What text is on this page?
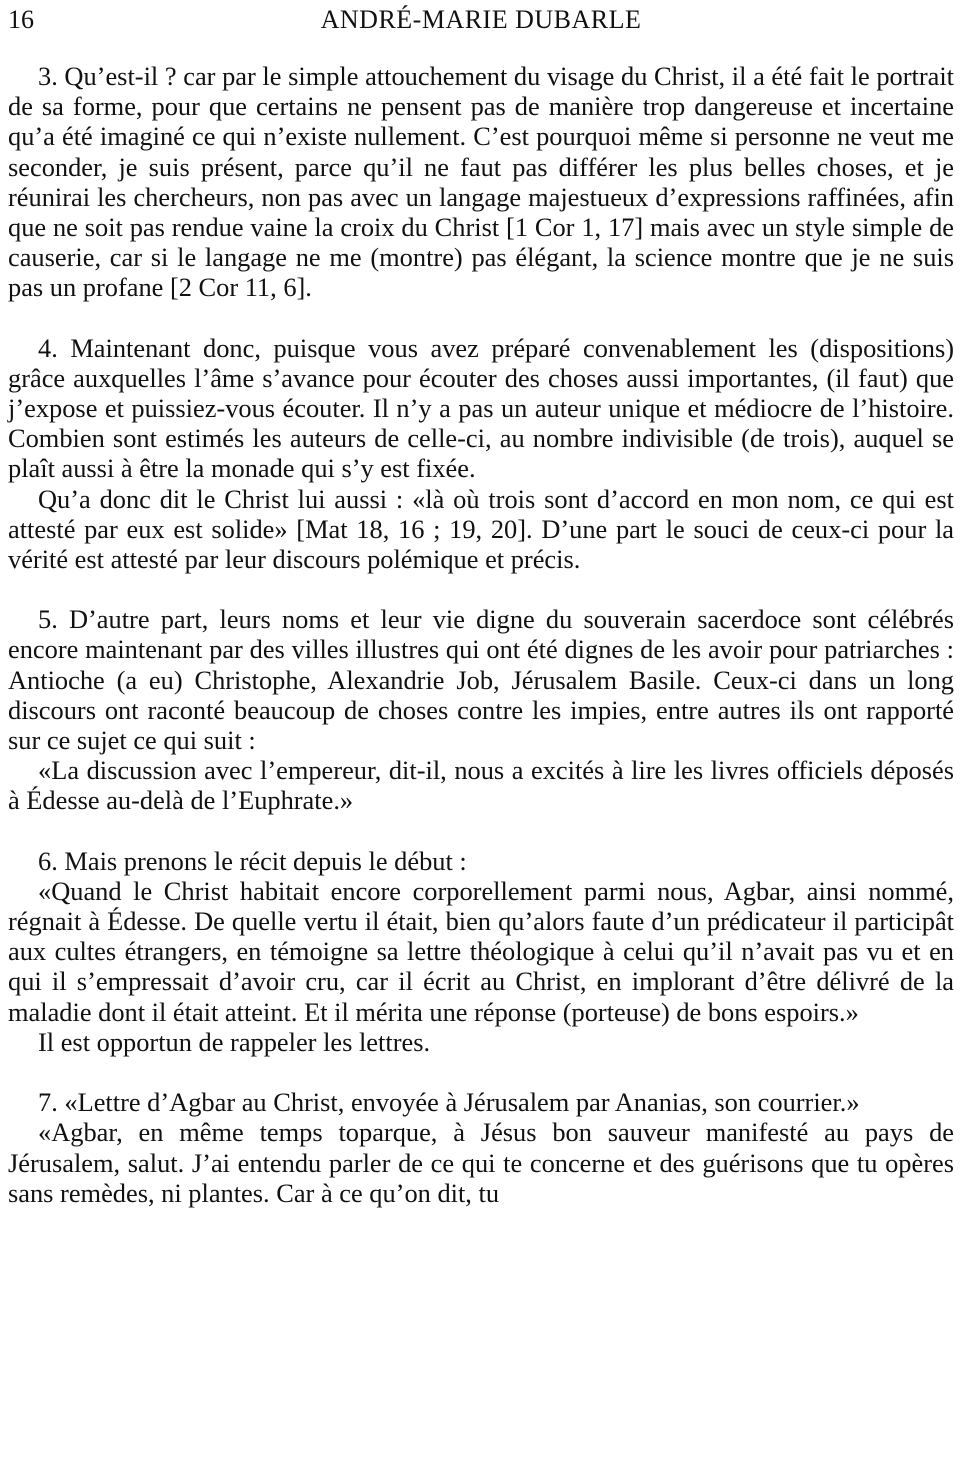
16	ANDRÉ-MARIE DUBARLE

3. Qu’est-il ? car par le simple attouchement du visage du Christ, il a été fait le portrait de sa forme, pour que certains ne pensent pas de manière trop dangereuse et incertaine qu’a été imaginé ce qui n’existe nullement. C’est pourquoi même si personne ne veut me seconder, je suis présent, parce qu’il ne faut pas différer les plus belles choses, et je réunirai les chercheurs, non pas avec un langage majestueux d’expressions raffinées, afin que ne soit pas rendue vaine la croix du Christ [1 Cor 1, 17] mais avec un style simple de causerie, car si le langage ne me (montre) pas élégant, la science montre que je ne suis pas un profane [2 Cor 11, 6].

4. Maintenant donc, puisque vous avez préparé convenablement les (dispositions) grâce auxquelles l’âme s’avance pour écouter des choses aussi importantes, (il faut) que j’expose et puissiez-vous écouter. Il n’y a pas un auteur unique et médiocre de l’histoire. Combien sont estimés les auteurs de celle-ci, au nombre indivisible (de trois), auquel se plaît aussi à être la monade qui s’y est fixée.

Qu’a donc dit le Christ lui aussi : «là où trois sont d’accord en mon nom, ce qui est attesté par eux est solide» [Mat 18, 16 ; 19, 20]. D’une part le souci de ceux-ci pour la vérité est attesté par leur discours polémique et précis.

5. D’autre part, leurs noms et leur vie digne du souverain sacerdoce sont célébrés encore maintenant par des villes illustres qui ont été dignes de les avoir pour patriarches : Antioche (a eu) Christophe, Alexandrie Job, Jérusalem Basile. Ceux-ci dans un long discours ont raconté beaucoup de choses contre les impies, entre autres ils ont rapporté sur ce sujet ce qui suit :

«La discussion avec l’empereur, dit-il, nous a excités à lire les livres officiels déposés à Édesse au-delà de l’Euphrate.»

6. Mais prenons le récit depuis le début :

«Quand le Christ habitait encore corporellement parmi nous, Agbar, ainsi nommé, régnait à Édesse. De quelle vertu il était, bien qu’alors faute d’un prédicateur il participât aux cultes étrangers, en témoigne sa lettre théologique à celui qu’il n’avait pas vu et en qui il s’empressait d’avoir cru, car il écrit au Christ, en implorant d’être délivré de la maladie dont il était atteint. Et il mérita une réponse (porteuse) de bons espoirs.»

Il est opportun de rappeler les lettres.

7. «Lettre d’Agbar au Christ, envoyée à Jérusalem par Ananias, son courrier.»

«Agbar, en même temps toparque, à Jésus bon sauveur manifesté au pays de Jérusalem, salut. J’ai entendu parler de ce qui te concerne et des guérisons que tu opères sans remèdes, ni plantes. Car à ce qu’on dit, tu
